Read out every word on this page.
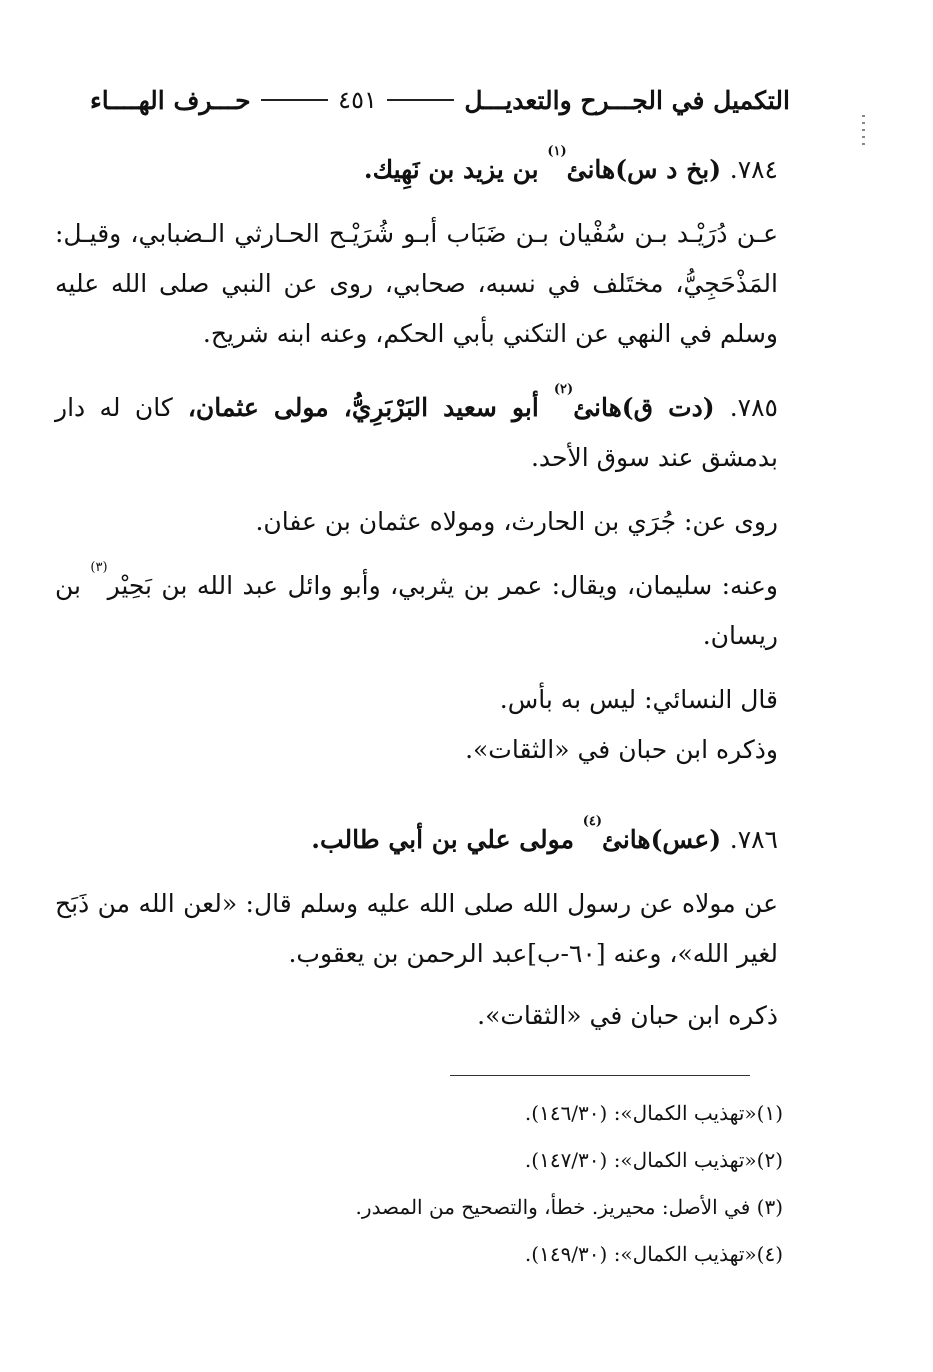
التكميل في الجـــرح والتعديـــل
٤٥١
حـــرف الهــــاء
٧٨٤. (بخ د س)هانئ$^{(١)}$ بن يزيد بن نَهِيك.
عـن دُرَيْـد بـن سُفْيان بـن ضَبَاب أبـو شُرَيْـح الحـارثي الـضبابي، وقيـل: المَذْحَجِيُّ، مختَلف في نسبه، صحابي، روى عن النبي صلى الله عليه وسلم في النهي عن التكني بأبي الحكم، وعنه ابنه شريح.
٧٨٥. (دت ق)هانئ$^{(٢)}$ أبو سعيد البَرْبَرِيُّ، مولى عثمان، كان له دار بدمشق عند سوق الأحد.
روى عن: جُرَي بن الحارث، ومولاه عثمان بن عفان.
وعنه: سليمان، ويقال: عمر بن يثربي، وأبو وائل عبد الله بن بَحِيْر$^{(٣)}$ بن ريسان.
قال النسائي: ليس به بأس.
وذكره ابن حبان في «الثقات».
٧٨٦. (عس)هانئ$^{(٤)}$ مولى علي بن أبي طالب.
عن مولاه عن رسول الله صلى الله عليه وسلم قال: «لعن الله من ذَبَح لغير الله»، وعنه [٦٠-ب]عبد الرحمن بن يعقوب.
ذكره ابن حبان في «الثقات».
(١)«تهذيب الكمال»: (١٤٦/٣٠).
(٢)«تهذيب الكمال»: (١٤٧/٣٠).
(٣) في الأصل: محيريز. خطأ، والتصحيح من المصدر.
(٤)«تهذيب الكمال»: (١٤٩/٣٠).
